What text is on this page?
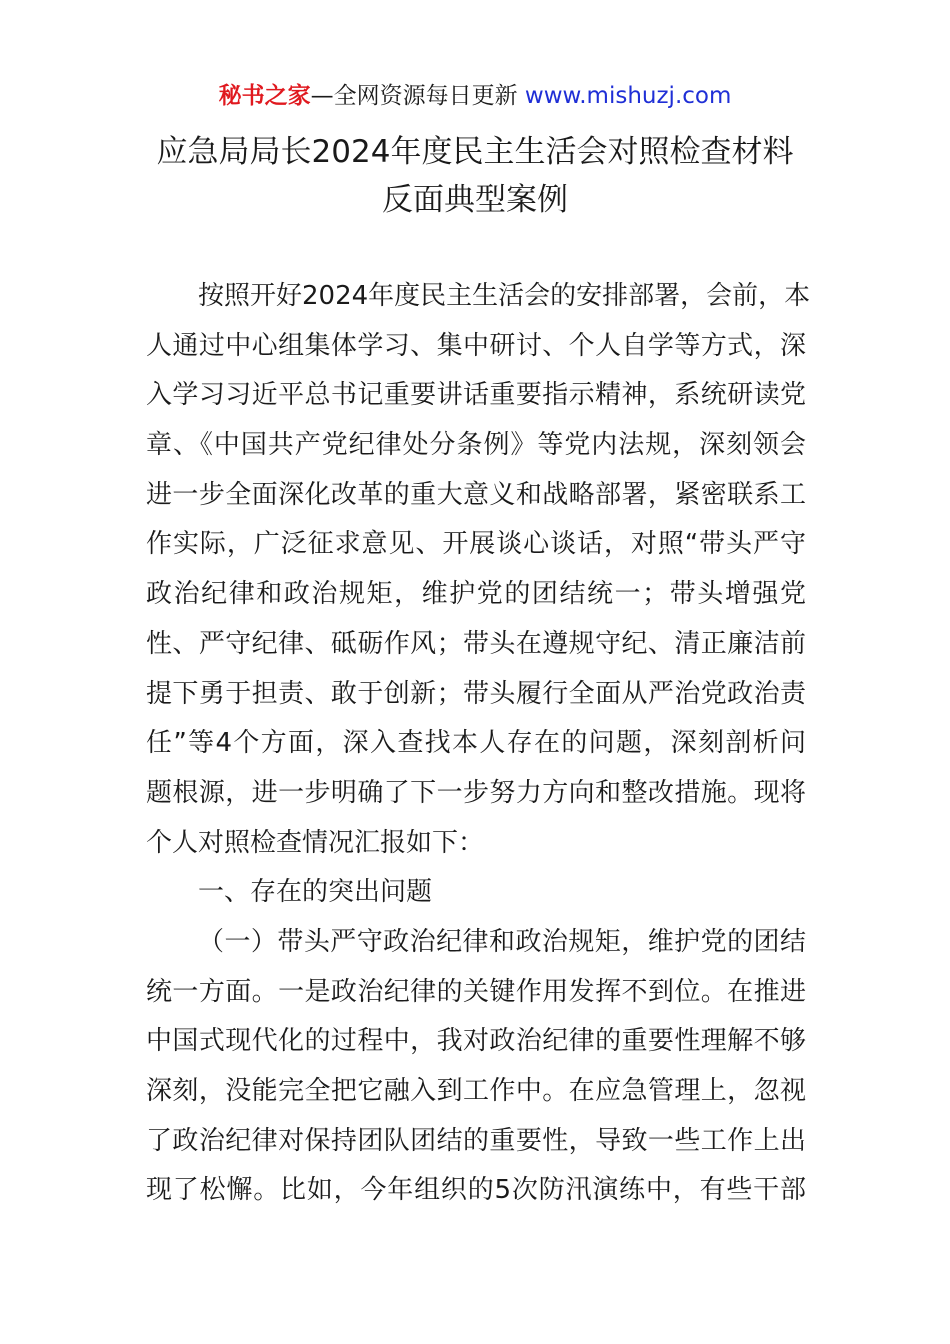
秘书之家—全网资源每日更新 www.mishuzj.com
应急局局长2024年度民主生活会对照检查材料
反面典型案例
按照开好2024年度民主生活会的安排部署，会前，本
人通过中心组集体学习、集中研讨、个人自学等方式，深
入学习习近平总书记重要讲话重要指示精神，系统研读党
章、《中国共产党纪律处分条例》等党内法规，深刻领会
进一步全面深化改革的重大意义和战略部署，紧密联系工
作实际，广泛征求意见、开展谈心谈话，对照“带头严守
政治纪律和政治规矩，维护党的团结统一；带头增强党
性、严守纪律、砥砺作风；带头在遵规守纪、清正廉洁前
提下勇于担责、敢于创新；带头履行全面从严治党政治责
任”等4个方面，深入查找本人存在的问题，深刻剖析问
题根源，进一步明确了下一步努力方向和整改措施。现将
个人对照检查情况汇报如下：
一、存在的突出问题
（一）带头严守政治纪律和政治规矩，维护党的团结
统一方面。一是政治纪律的关键作用发挥不到位。在推进
中国式现代化的过程中，我对政治纪律的重要性理解不够
深刻，没能完全把它融入到工作中。在应急管理上，忽视
了政治纪律对保持团队团结的重要性，导致一些工作上出
现了松懈。比如，今年组织的5次防汛演练中，有些干部
